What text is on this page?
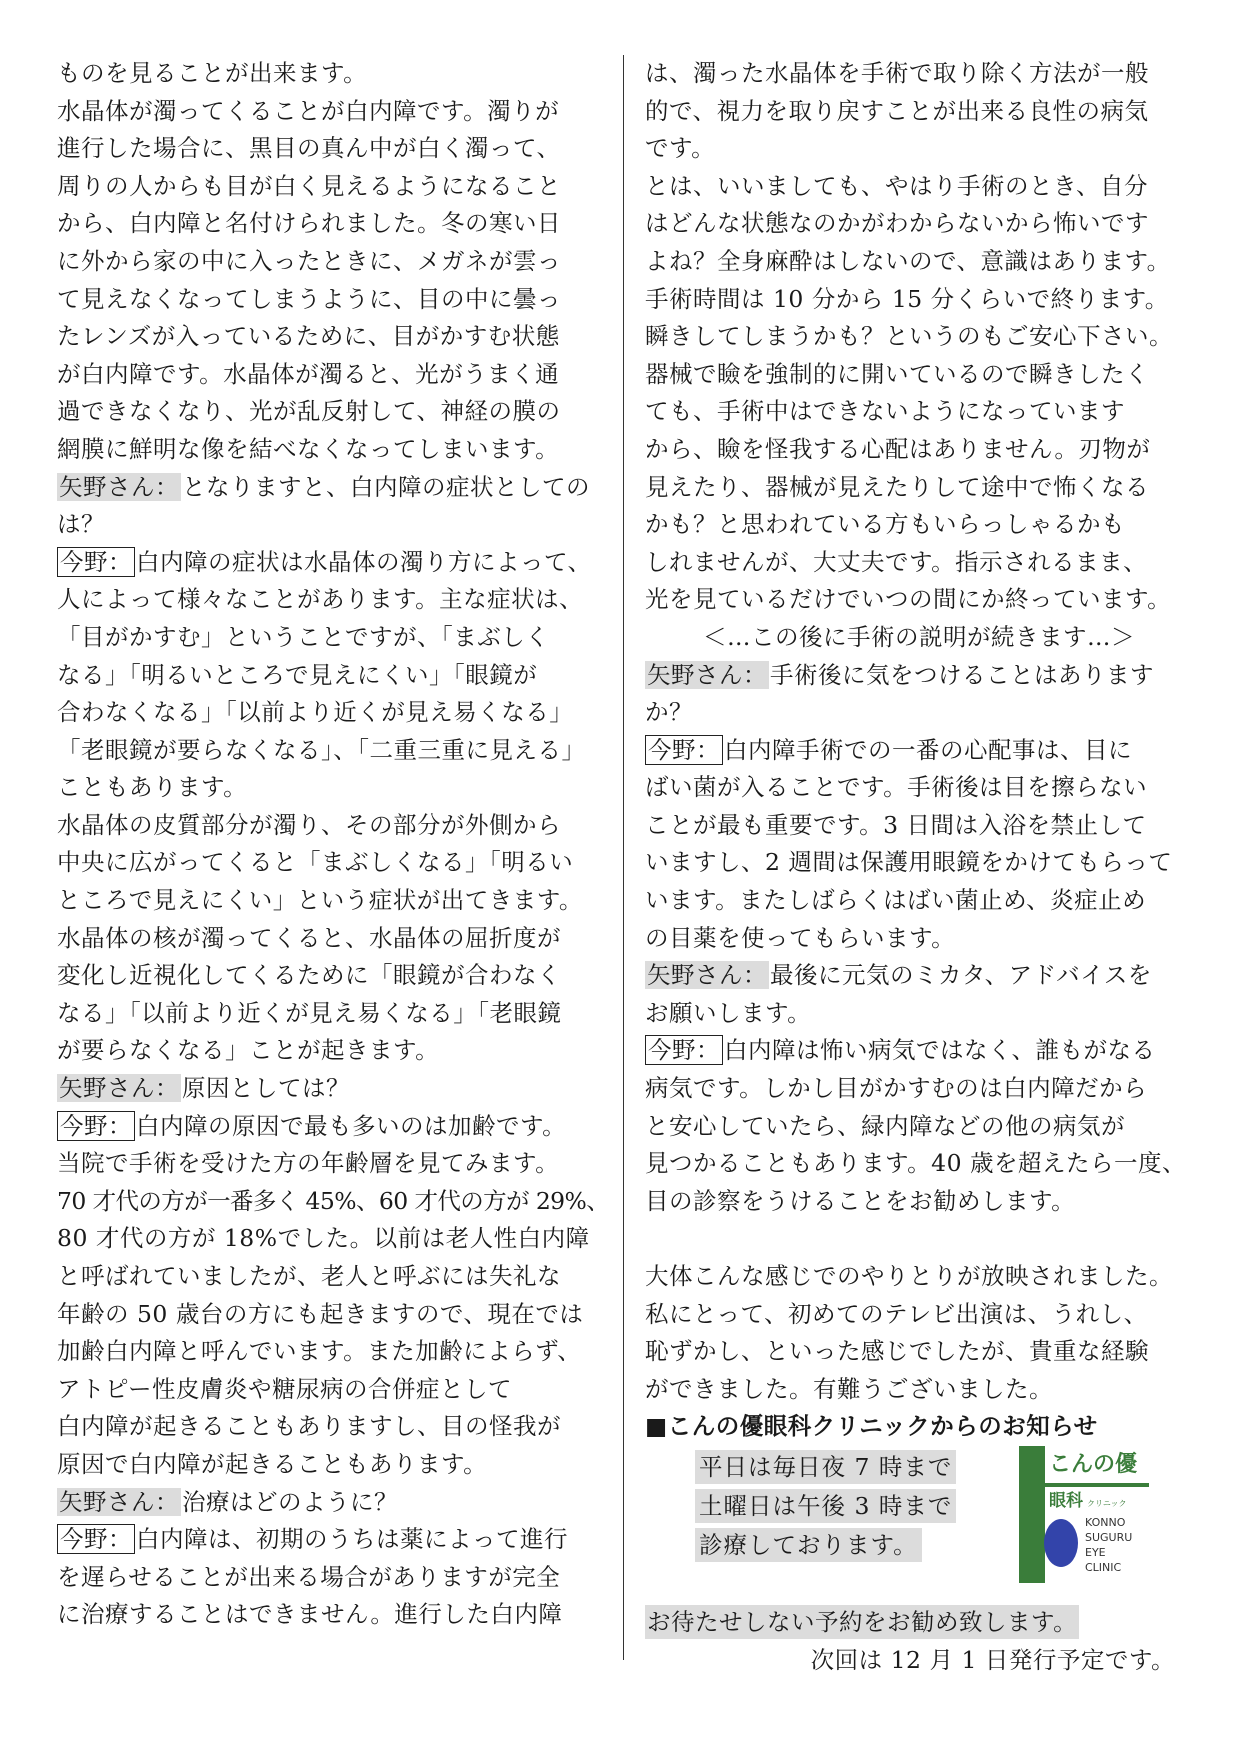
ものを見ることが出来ます。
水晶体が濁ってくることが白内障です。濁りが
進行した場合に、黒目の真ん中が白く濁って、
周りの人からも目が白く見えるようになること
から、白内障と名付けられました。冬の寒い日
に外から家の中に入ったときに、メガネが雲っ
て見えなくなってしまうように、目の中に曇っ
たレンズが入っているために、目がかすむ状態
が白内障です。水晶体が濁ると、光がうまく通
過できなくなり、光が乱反射して、神経の膜の
網膜に鮮明な像を結べなくなってしまいます。
矢野さん： となりますと、白内障の症状としての
は？
今野： 白内障の症状は水晶体の濁り方によって、
人によって様々なことがあります。主な症状は、
「目がかすむ」ということですが、「まぶしく
なる」「明るいところで見えにくい」「眼鏡が
合わなくなる」「以前より近くが見え易くなる」
「老眼鏡が要らなくなる」、「二重三重に見える」
こともあります。
水晶体の皮質部分が濁り、その部分が外側から
中央に広がってくると「まぶしくなる」「明るい
ところで見えにくい」という症状が出てきます。
水晶体の核が濁ってくると、水晶体の屈折度が
変化し近視化してくるために「眼鏡が合わなく
なる」「以前より近くが見え易くなる」「老眼鏡
が要らなくなる」ことが起きます。
矢野さん： 原因としては？
今野： 白内障の原因で最も多いのは加齢です。
当院で手術を受けた方の年齢層を見てみます。
70 才代の方が一番多く 45%、60 才代の方が 29%、
80 才代の方が 18%でした。以前は老人性白内障
と呼ばれていましたが、老人と呼ぶには失礼な
年齢の 50 歳台の方にも起きますので、現在では
加齢白内障と呼んでいます。また加齢によらず、
アトピー性皮膚炎や糖尿病の合併症として
白内障が起きることもありますし、目の怪我が
原因で白内障が起きることもあります。
矢野さん： 治療はどのように？
今野： 白内障は、初期のうちは薬によって進行
を遅らせることが出来る場合がありますが完全
に治療することはできません。進行した白内障
は、濁った水晶体を手術で取り除く方法が一般
的で、視力を取り戻すことが出来る良性の病気
です。
とは、いいましても、やはり手術のとき、自分
はどんな状態なのかがわからないから怖いです
よね？全身麻酔はしないので、意識はあります。
手術時間は 10 分から 15 分くらいで終ります。
瞬きしてしまうかも？というのもご安心下さい。
器械で瞼を強制的に開いているので瞬きしたく
ても、手術中はできないようになっています
から、瞼を怪我する心配はありません。刃物が
見えたり、器械が見えたりして途中で怖くなる
かも？と思われている方もいらっしゃるかも
しれませんが、大丈夫です。指示されるまま、
光を見ているだけでいつの間にか終っています。
＜…この後に手術の説明が続きます…＞
矢野さん： 手術後に気をつけることはあります
か？
今野： 白内障手術での一番の心配事は、目に
ばい菌が入ることです。手術後は目を擦らない
ことが最も重要です。3 日間は入浴を禁止して
いますし、2 週間は保護用眼鏡をかけてもらって
います。またしばらくはばい菌止め、炎症止め
の目薬を使ってもらいます。
矢野さん： 最後に元気のミカタ、アドバイスを
お願いします。
今野： 白内障は怖い病気ではなく、誰もがなる
病気です。しかし目がかすむのは白内障だから
と安心していたら、緑内障などの他の病気が
見つかることもあります。40 歳を超えたら一度、
目の診察をうけることをお勧めします。
大体こんな感じでのやりとりが放映されました。
私にとって、初めてのテレビ出演は、うれし、
恥ずかし、といった感じでしたが、貴重な経験
ができました。有難うございました。
■こんの優眼科クリニックからのお知らせ
平日は毎日夜 7 時まで
土曜日は午後 3 時まで
診療しております。
こんの優
眼科 クリニック
KONNO
SUGURU
EYE
CLINIC
お待たせしない予約をお勧め致します。
次回は 12 月 1 日発行予定です。
